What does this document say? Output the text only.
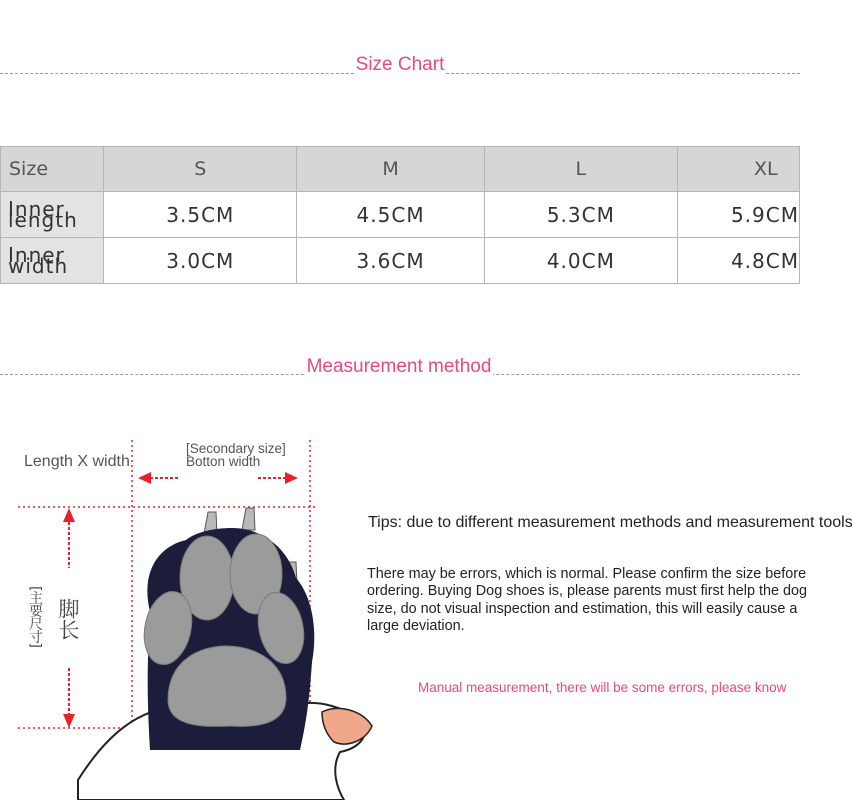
Size Chart
Size	S	M	L	XL
Inner length	3.5CM	4.5CM	5.3CM	5.9CM
Inner width	3.0CM	3.6CM	4.0CM	4.8CM
Measurement method
Length X width
[Secondary size] Botton width
[主要尺寸] 脚长
Tips: due to different measurement methods and measurement tools
There may be errors, which is normal. Please confirm the size before ordering. Buying Dog shoes is, please parents must first help the dog size, do not visual inspection and estimation, this will easily cause a large deviation.
Manual measurement, there will be some errors, please know
